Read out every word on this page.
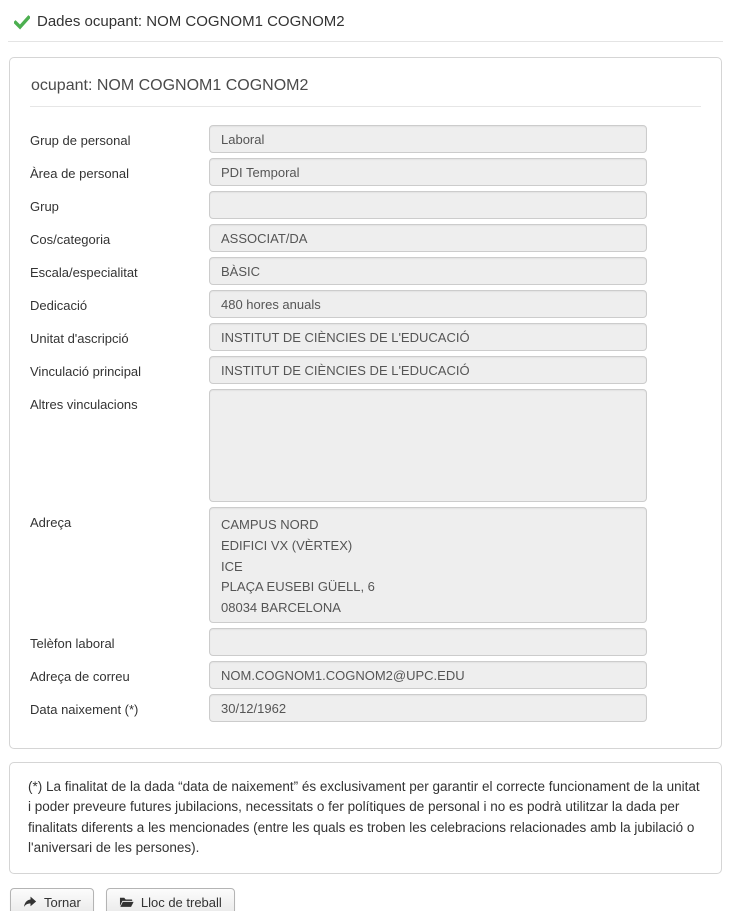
Dades ocupant: NOM COGNOM1 COGNOM2
ocupant: NOM COGNOM1 COGNOM2
Grup de personal
Laboral
Àrea de personal
PDI Temporal
Grup
Cos/categoria
ASSOCIAT/DA
Escala/especialitat
BÀSIC
Dedicació
480 hores anuals
Unitat d'ascripció
INSTITUT DE CIÈNCIES DE L'EDUCACIÓ
Vinculació principal
INSTITUT DE CIÈNCIES DE L'EDUCACIÓ
Altres vinculacions
Adreça
CAMPUS NORD EDIFICI VX (VÈRTEX) ICE PLAÇA EUSEBI GÜELL, 6 08034 BARCELONA
Telèfon laboral
Adreça de correu
NOM.COGNOM1.COGNOM2@UPC.EDU
Data naixement (*)
30/12/1962
(*) La finalitat de la dada “data de naixement” és exclusivament per garantir el correcte funcionament de la unitat i poder preveure futures jubilacions, necessitats o fer polítiques de personal i no es podrà utilitzar la dada per finalitats diferents a les mencionades (entre les quals es troben les celebracions relacionades amb la jubilació o l'aniversari de les persones).
Tornar	Lloc de treball
